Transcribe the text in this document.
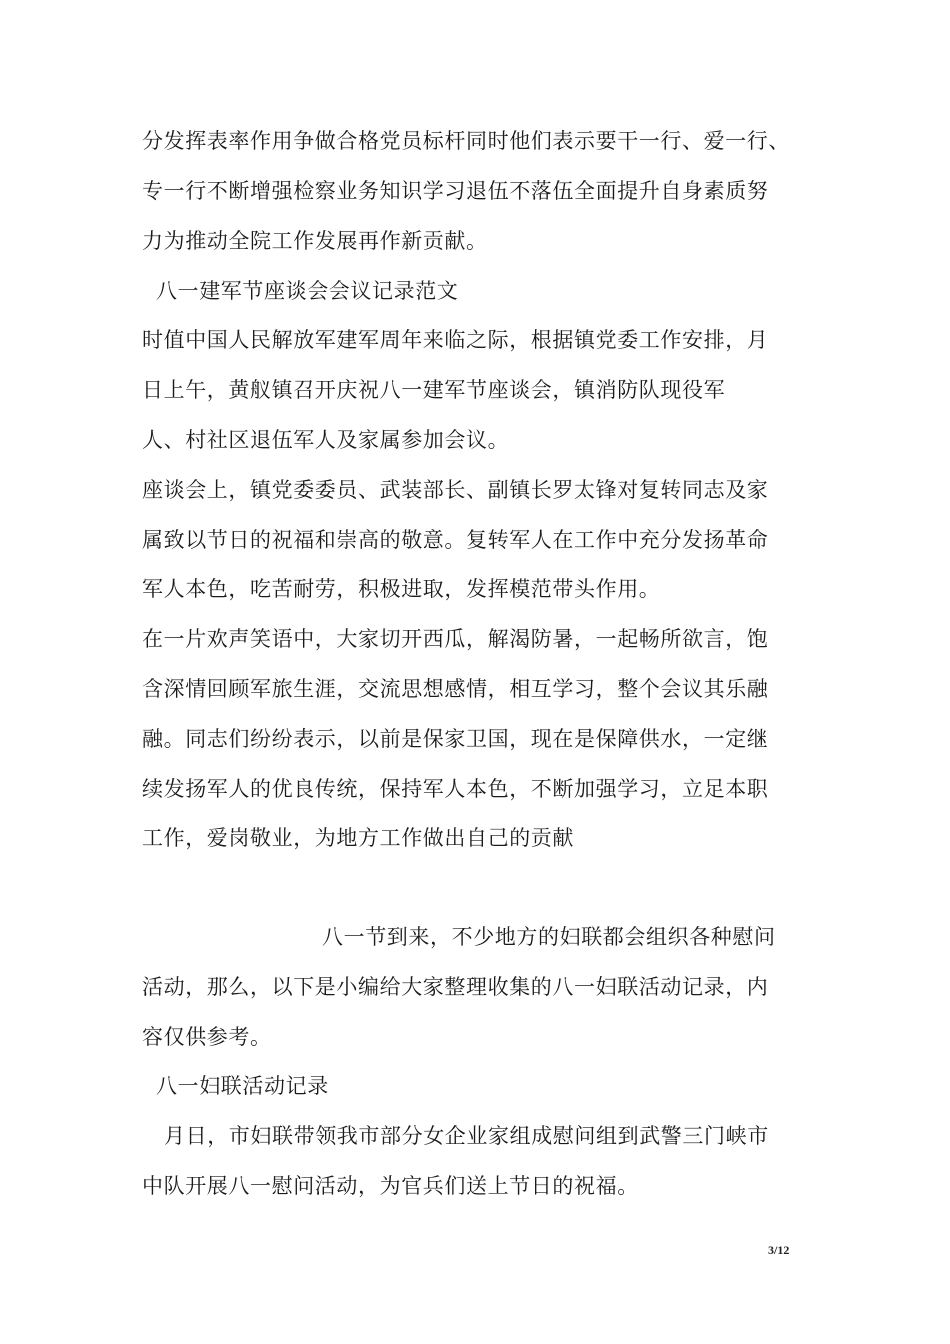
分发挥表率作用争做合格党员标杆同时他们表示要干一行、爱一行、
专一行不断增强检察业务知识学习退伍不落伍全面提升自身素质努
力为推动全院工作发展再作新贡献。
八一建军节座谈会会议记录范文
时值中国人民解放军建军周年来临之际，根据镇党委工作安排，月
日上午，黄舣镇召开庆祝八一建军节座谈会，镇消防队现役军
人、村社区退伍军人及家属参加会议。
座谈会上，镇党委委员、武装部长、副镇长罗太锋对复转同志及家
属致以节日的祝福和崇高的敬意。复转军人在工作中充分发扬革命
军人本色，吃苦耐劳，积极进取，发挥模范带头作用。
在一片欢声笑语中，大家切开西瓜，解渴防暑，一起畅所欲言，饱
含深情回顾军旅生涯，交流思想感情，相互学习，整个会议其乐融
融。同志们纷纷表示，以前是保家卫国，现在是保障供水，一定继
续发扬军人的优良传统，保持军人本色，不断加强学习，立足本职
工作，爱岗敬业，为地方工作做出自己的贡献
八一节到来，不少地方的妇联都会组织各种慰问
活动，那么，以下是小编给大家整理收集的八一妇联活动记录，内
容仅供参考。
八一妇联活动记录
月日，市妇联带领我市部分女企业家组成慰问组到武警三门峡市
中队开展八一慰问活动，为官兵们送上节日的祝福。
3/12
